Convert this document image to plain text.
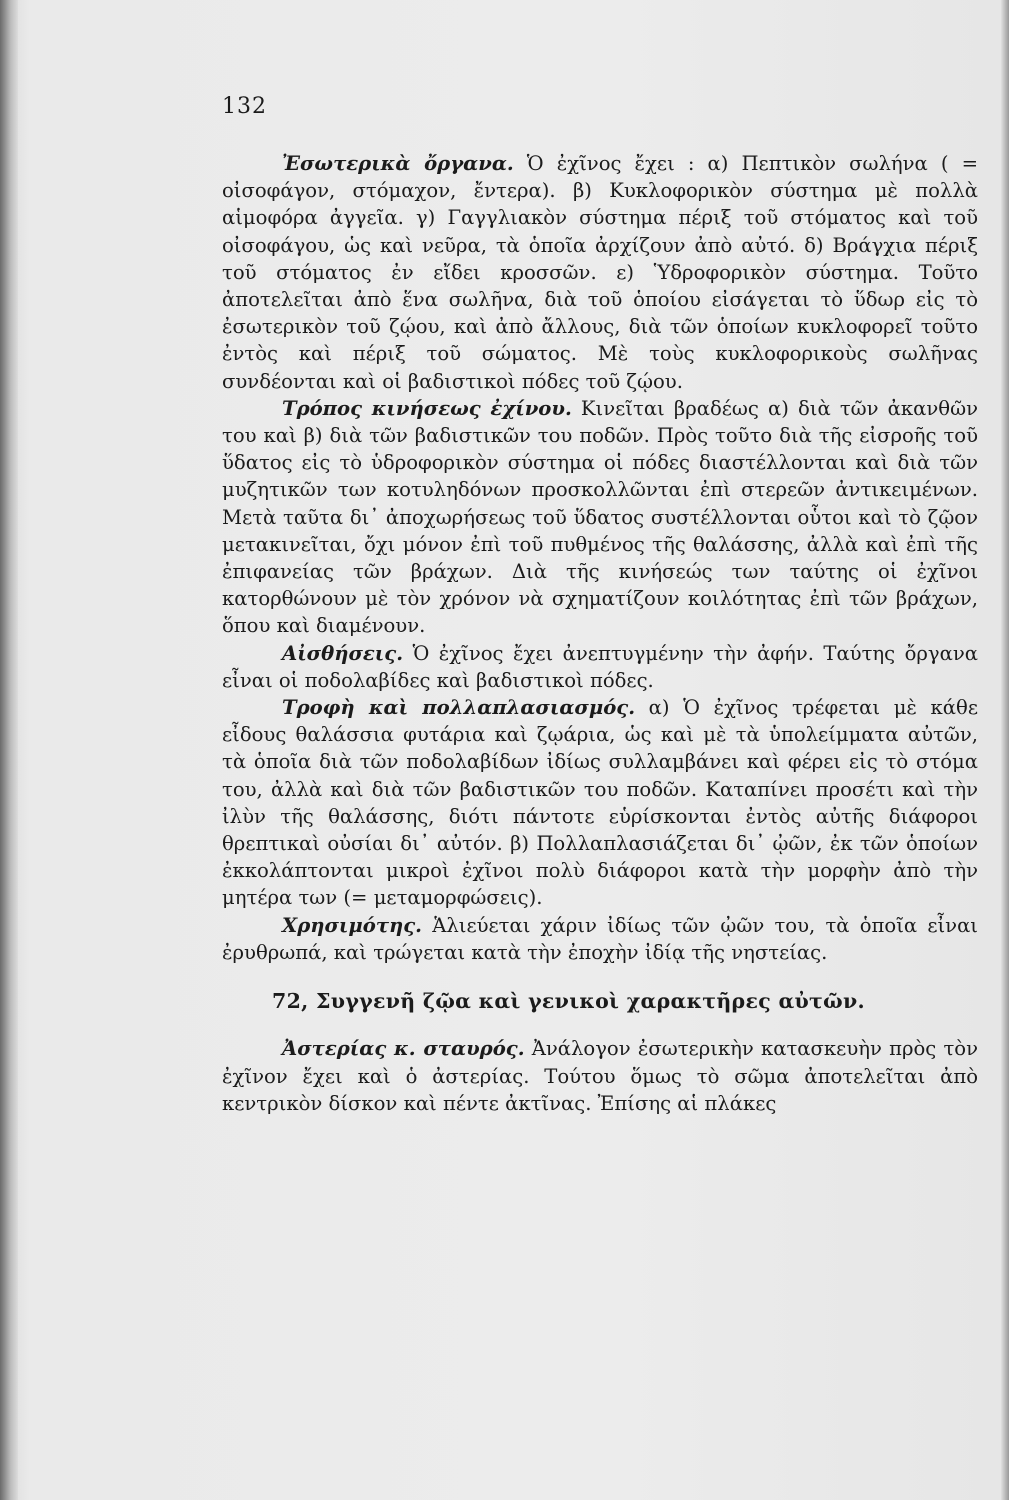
132

Ἐσωτερικὰ ὄργανα. Ὁ ἐχῖνος ἔχει : α) Πεπτικὸν σωλήνα ( = οἰσοφάγον, στόμαχον, ἔντερα). β) Κυκλοφορικὸν σύστημα μὲ πολλὰ αἱμοφόρα ἀγγεῖα. γ) Γαγγλιακὸν σύστημα πέριξ τοῦ στόματος καὶ τοῦ οἰσοφάγου, ὡς καὶ νεῦρα, τὰ ὁποῖα ἀρχίζουν ἀπὸ αὐτό. δ) Βράγχια πέριξ τοῦ στόματος ἐν εἴδει κροσσῶν. ε) Ὑδροφορικὸν σύστημα. Τοῦτο ἀποτελεῖται ἀπὸ ἕνα σωλῆνα, διὰ τοῦ ὁποίου εἰσάγεται τὸ ὕδωρ εἰς τὸ ἐσωτερικὸν τοῦ ζῴου, καὶ ἀπὸ ἄλλους, διὰ τῶν ὁποίων κυκλοφορεῖ τοῦτο ἐντὸς καὶ πέριξ τοῦ σώματος. Μὲ τοὺς κυκλοφορικοὺς σωλῆνας συνδέονται καὶ οἱ βαδιστικοὶ πόδες τοῦ ζῴου.

Τρόπος κινήσεως ἐχίνου. Κινεῖται βραδέως α) διὰ τῶν ἀκανθῶν του καὶ β) διὰ τῶν βαδιστικῶν του ποδῶν. Πρὸς τοῦτο διὰ τῆς εἰσροῆς τοῦ ὕδατος εἰς τὸ ὑδροφορικὸν σύστημα οἱ πόδες διαστέλλονται καὶ διὰ τῶν μυζητικῶν των κοτυληδόνων προσκολλῶνται ἐπὶ στερεῶν ἀντικειμένων. Μετὰ ταῦτα δι᾿ ἀποχωρήσεως τοῦ ὕδατος συστέλλονται οὗτοι καὶ τὸ ζῷον μετακινεῖται, ὄχι μόνον ἐπὶ τοῦ πυθμένος τῆς θαλάσσης, ἀλλὰ καὶ ἐπὶ τῆς ἐπιφανείας τῶν βράχων. Διὰ τῆς κινήσεώς των ταύτης οἱ ἐχῖνοι κατορθώνουν μὲ τὸν χρόνον νὰ σχηματίζουν κοιλότητας ἐπὶ τῶν βράχων, ὅπου καὶ διαμένουν.

Αἰσθήσεις. Ὁ ἐχῖνος ἔχει ἀνεπτυγμένην τὴν ἀφήν. Ταύτης ὄργανα εἶναι οἱ ποδολαβίδες καὶ βαδιστικοὶ πόδες.

Τροφὴ καὶ πολλαπλασιασμός. α) Ὁ ἐχῖνος τρέφεται μὲ κάθε εἶδους θαλάσσια φυτάρια καὶ ζῳάρια, ὡς καὶ μὲ τὰ ὑπολείμματα αὐτῶν, τὰ ὁποῖα διὰ τῶν ποδολαβίδων ἰδίως συλλαμβάνει καὶ φέρει εἰς τὸ στόμα του, ἀλλὰ καὶ διὰ τῶν βαδιστικῶν του ποδῶν. Καταπίνει προσέτι καὶ τὴν ἰλὺν τῆς θαλάσσης, διότι πάντοτε εὑρίσκονται ἐντὸς αὐτῆς διάφοροι θρεπτικαὶ οὐσίαι δι᾿ αὐτόν. β) Πολλαπλασιάζεται δι᾿ ᾠῶν, ἐκ τῶν ὁποίων ἐκκολάπτονται μικροὶ ἐχῖνοι πολὺ διάφοροι κατὰ τὴν μορφὴν ἀπὸ τὴν μητέρα των (= μεταμορφώσεις).

Χρησιμότης. Ἁλιεύεται χάριν ἰδίως τῶν ᾠῶν του, τὰ ὁποῖα εἶναι ἐρυθρωπά, καὶ τρώγεται κατὰ τὴν ἐποχὴν ἰδίᾳ τῆς νηστείας.

72, Συγγενῆ ζῷα καὶ γενικοὶ χαρακτῆρες αὐτῶν.

Ἀστερίας κ. σταυρός. Ἀνάλογον ἐσωτερικὴν κατασκευὴν πρὸς τὸν ἐχῖνον ἔχει καὶ ὁ ἀστερίας. Τούτου ὅμως τὸ σῶμα ἀποτελεῖται ἀπὸ κεντρικὸν δίσκον καὶ πέντε ἀκτῖνας. Ἐπίσης αἱ πλάκες
